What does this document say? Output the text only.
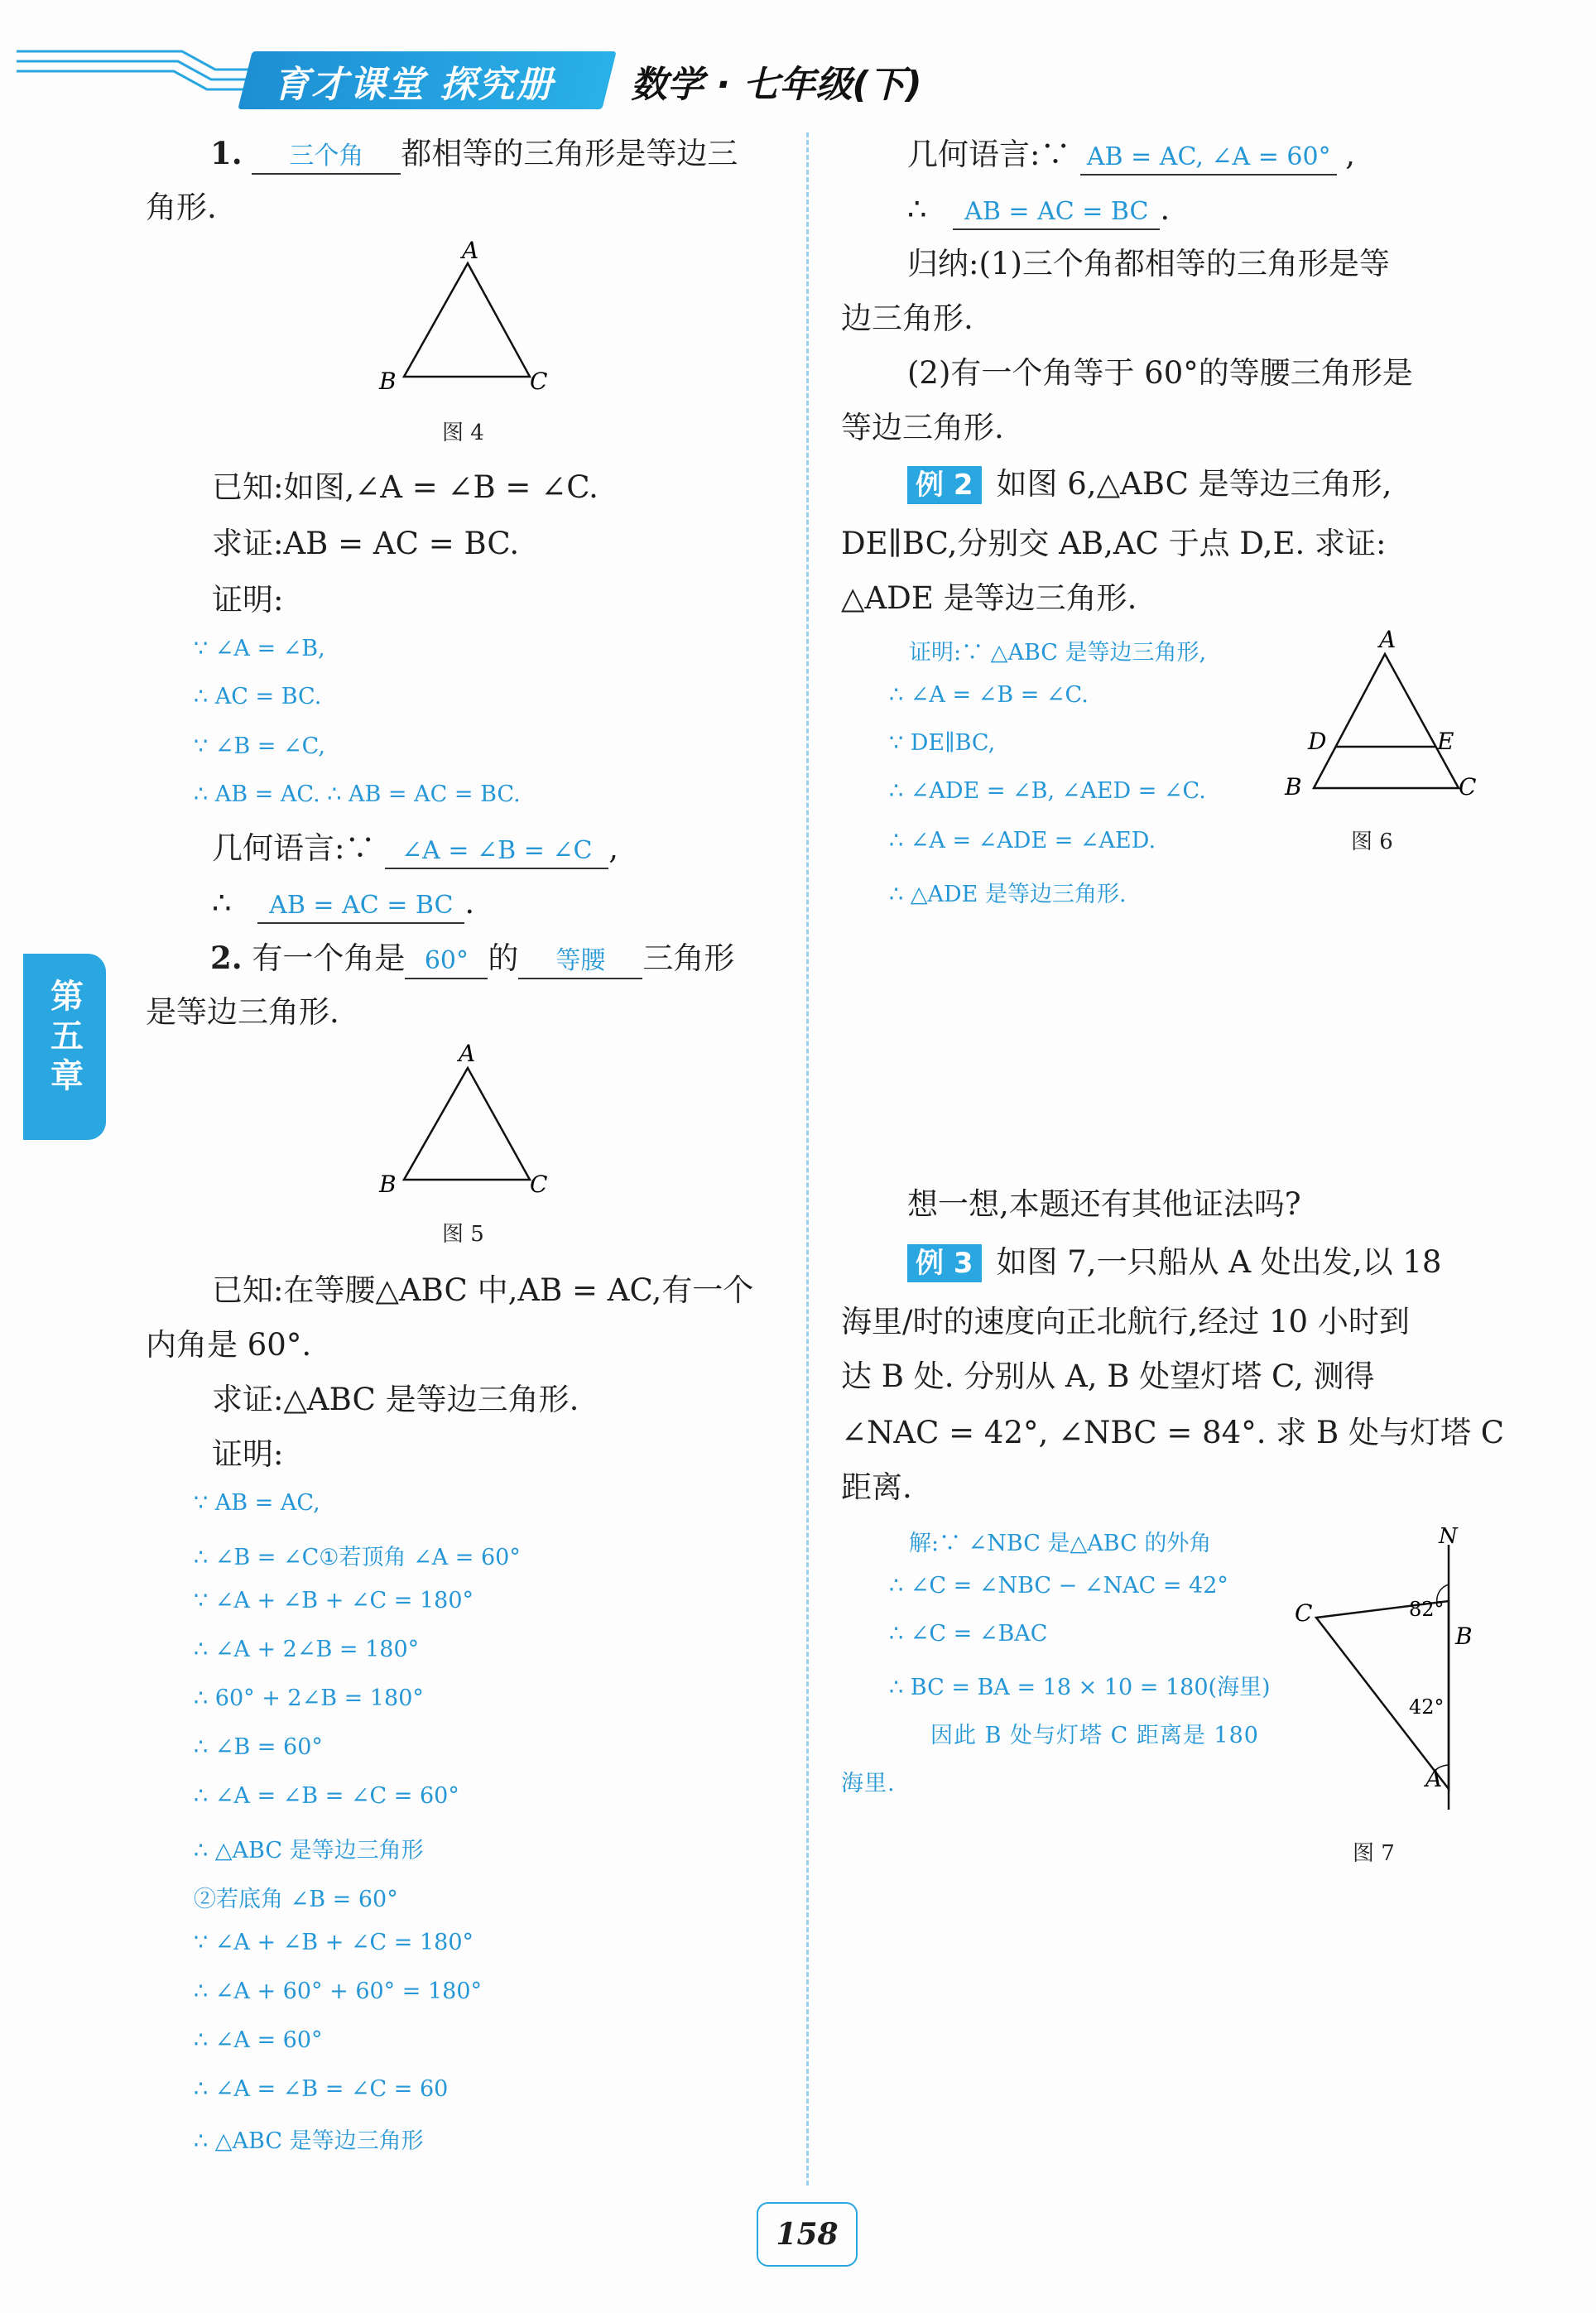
育才课堂 探究册 数学 · 七年级(下)
第五章
1. 三个角 都相等的三角形是等边三
角形.
A
B	C
图 4
已知:如图,∠A = ∠B = ∠C.
求证:AB = AC = BC.
证明:
∵ ∠A = ∠B,
∴ AC = BC.
∵ ∠B = ∠C,
∴ AB = AC. ∴ AB = AC = BC.
几何语言:∵ ∠A = ∠B = ∠C ,
∴ AB = AC = BC .
2. 有一个角是 60° 的 等腰 三角形
是等边三角形.
A
B	C
图 5
已知:在等腰△ABC 中,AB = AC,有一个
内角是 60°.
求证:△ABC 是等边三角形.
证明:
∵ AB = AC,
∴ ∠B = ∠C①若顶角 ∠A = 60°
∵ ∠A + ∠B + ∠C = 180°
∴ ∠A + 2∠B = 180°
∴ 60° + 2∠B = 180°
∴ ∠B = 60°
∴ ∠A = ∠B = ∠C = 60°
∴ △ABC 是等边三角形
②若底角 ∠B = 60°
∵ ∠A + ∠B + ∠C = 180°
∴ ∠A + 60° + 60° = 180°
∴ ∠A = 60°
∴ ∠A = ∠B = ∠C = 60
∴ △ABC 是等边三角形
几何语言:∵ AB = AC, ∠A = 60° ,
∴ AB = AC = BC .
归纳:(1)三个角都相等的三角形是等
边三角形.
(2)有一个角等于 60°的等腰三角形是
等边三角形.
例 2 如图 6,△ABC 是等边三角形,
DE∥BC,分别交 AB,AC 于点 D,E. 求证:
△ADE 是等边三角形.
证明:∵ △ABC 是等边三角形,
∴ ∠A = ∠B = ∠C.
∵ DE∥BC,
∴ ∠ADE = ∠B, ∠AED = ∠C.
∴ ∠A = ∠ADE = ∠AED.
∴ △ADE 是等边三角形.
A
D	E
B	C
图 6
想一想,本题还有其他证法吗?
例 3 如图 7,一只船从 A 处出发,以 18
海里/时的速度向正北航行,经过 10 小时到
达 B 处. 分别从 A, B 处望灯塔 C, 测得
∠NAC = 42°, ∠NBC = 84°. 求 B 处与灯塔 C
距离.
解:∵ ∠NBC 是△ABC 的外角
∴ ∠C = ∠NBC − ∠NAC = 42°
∴ ∠C = ∠BAC
∴ BC = BA = 18 × 10 = 180(海里)
因此 B 处与灯塔 C 距离是 180
海里.
N
C
B
A
82°
42°
图 7
158
